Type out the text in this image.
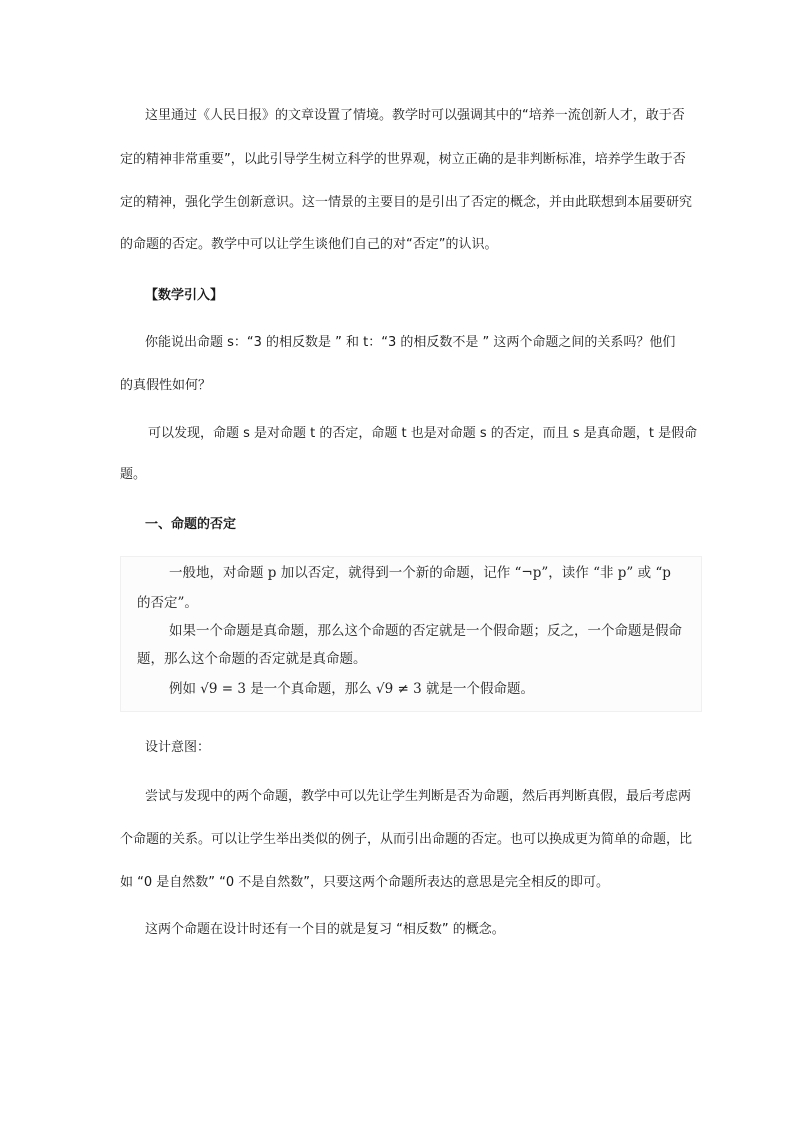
这里通过《人民日报》的文章设置了情境。教学时可以强调其中的“培养一流创新人才，敢于否
定的精神非常重要”，以此引导学生树立科学的世界观，树立正确的是非判断标准，培养学生敢于否
定的精神，强化学生创新意识。这一情景的主要目的是引出了否定的概念，并由此联想到本届要研究
的命题的否定。教学中可以让学生谈他们自己的对“否定”的认识。
【数学引入】
你能说出命题 s：“3 的相反数是 ” 和 t：“3 的相反数不是 ” 这两个命题之间的关系吗？他们
的真假性如何？
可以发现，命题 s 是对命题 t 的否定，命题 t 也是对命题 s 的否定，而且 s 是真命题，t 是假命
题。
一、命题的否定
一般地，对命题 p 加以否定，就得到一个新的命题，记作 “¬p”，读作 “非 p” 或 “p
的否定”。
如果一个命题是真命题，那么这个命题的否定就是一个假命题；反之，一个命题是假命
题，那么这个命题的否定就是真命题。
例如 √9 = 3 是一个真命题，那么 √9 ≠ 3 就是一个假命题。
设计意图：
尝试与发现中的两个命题，教学中可以先让学生判断是否为命题，然后再判断真假，最后考虑两
个命题的关系。可以让学生举出类似的例子，从而引出命题的否定。也可以换成更为简单的命题，比
如 “0 是自然数” “0 不是自然数”，只要这两个命题所表达的意思是完全相反的即可。
这两个命题在设计时还有一个目的就是复习 “相反数” 的概念。
